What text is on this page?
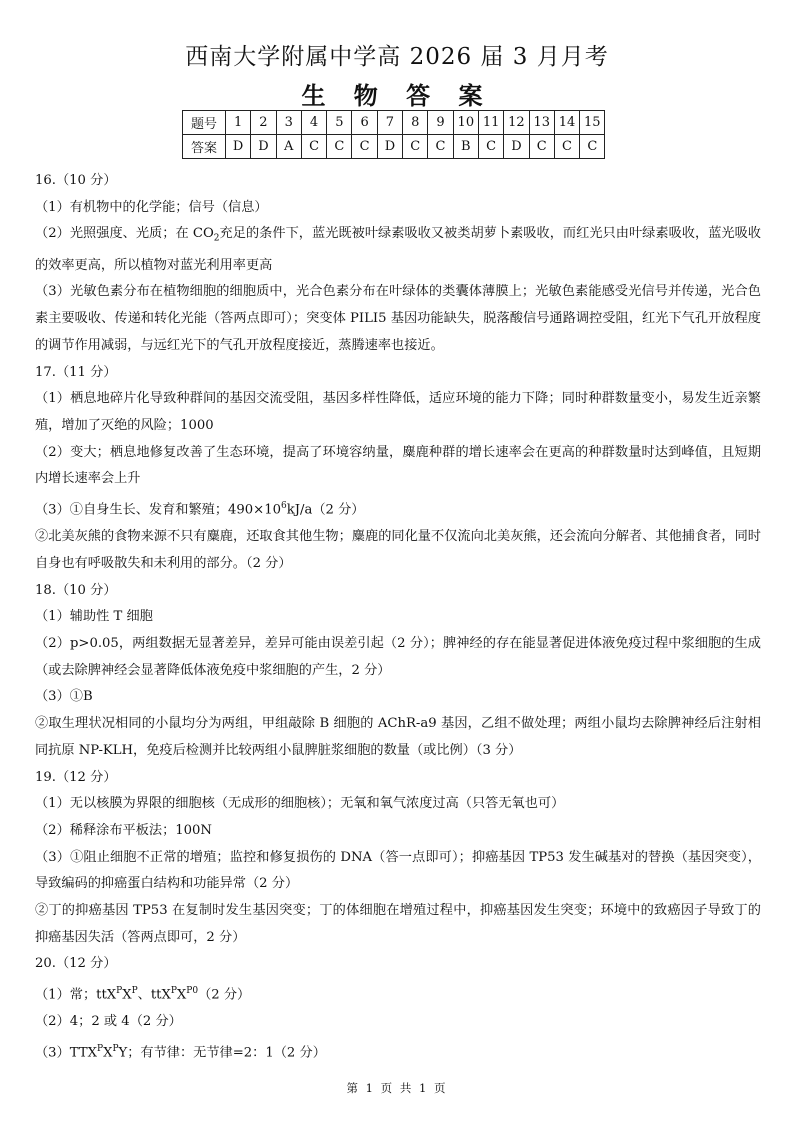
西南大学附属中学高 2026 届 3 月月考
生 物 答 案
题号	1	2	3	4	5	6	7	8	9	10	11	12	13	14	15
答案	D	D	A	C	C	C	D	C	C	B	C	D	C	C	C

16.（10 分）

（1）有机物中的化学能；信号（信息）

（2）光照强度、光质；在 $CO_2$充足的条件下，蓝光既被叶绿素吸收又被类胡萝卜素吸收，而红光只由叶绿素吸收，蓝光吸收的效率更高，所以植物对蓝光利用率更高

（3）光敏色素分布在植物细胞的细胞质中，光合色素分布在叶绿体的类囊体薄膜上；光敏色素能感受光信号并传递，光合色素主要吸收、传递和转化光能（答两点即可）；突变体 PILI5 基因功能缺失，脱落酸信号通路调控受阻，红光下气孔开放程度的调节作用减弱，与远红光下的气孔开放程度接近，蒸腾速率也接近。

17.（11 分）

（1）栖息地碎片化导致种群间的基因交流受阻，基因多样性降低，适应环境的能力下降；同时种群数量变小，易发生近亲繁殖，增加了灭绝的风险；1000

（2）变大；栖息地修复改善了生态环境，提高了环境容纳量，麋鹿种群的增长速率会在更高的种群数量时达到峰值，且短期内增长速率会上升

（3）①自身生长、发育和繁殖；$490\times 10^6kJ/a(2$ 分）

②北美灰熊的食物来源不只有麋鹿，还取食其他生物；麋鹿的同化量不仅流向北美灰熊，还会流向分解者、其他捕食者，同时自身也有呼吸散失和未利用的部分。（2 分）

18.（10 分）

（1）辅助性 T 细胞

（2）p>0.05，两组数据无显著差异，差异可能由误差引起（2 分）；脾神经的存在能显著促进体液免疫过程中浆细胞的生成（或去除脾神经会显著降低体液免疫中浆细胞的产生，2 分）

（3）①B

②取生理状况相同的小鼠均分为两组，甲组敲除 B 细胞的 AChR-a9 基因，乙组不做处理；两组小鼠均去除脾神经后注射相同抗原 NP-KLH，免疫后检测并比较两组小鼠脾脏浆细胞的数量（或比例）（3 分）

19.（12 分）

（1）无以核膜为界限的细胞核（无成形的细胞核）；无氧和氧气浓度过高（只答无氧也可）

（2）稀释涂布平板法；100N

（3）①阻止细胞不正常的增殖；监控和修复损伤的 DNA（答一点即可）；抑癌基因 TP53 发生碱基对的替换（基因突变），导致编码的抑癌蛋白结构和功能异常（2 分）

②丁的抑癌基因 TP53 在复制时发生基因突变；丁的体细胞在增殖过程中，抑癌基因发生突变；环境中的致癌因子导致丁的抑癌基因失活（答两点即可，2 分）

20.（12 分）

（1）常；$ttX^PX^P$、$ttX^PX^{P0}(2$ 分）

（2）4；2 或 4（2 分）

$(3)TTX^PX^PY$；有节律：无节律=2：1（2 分）

第 1 页 共 1 页
